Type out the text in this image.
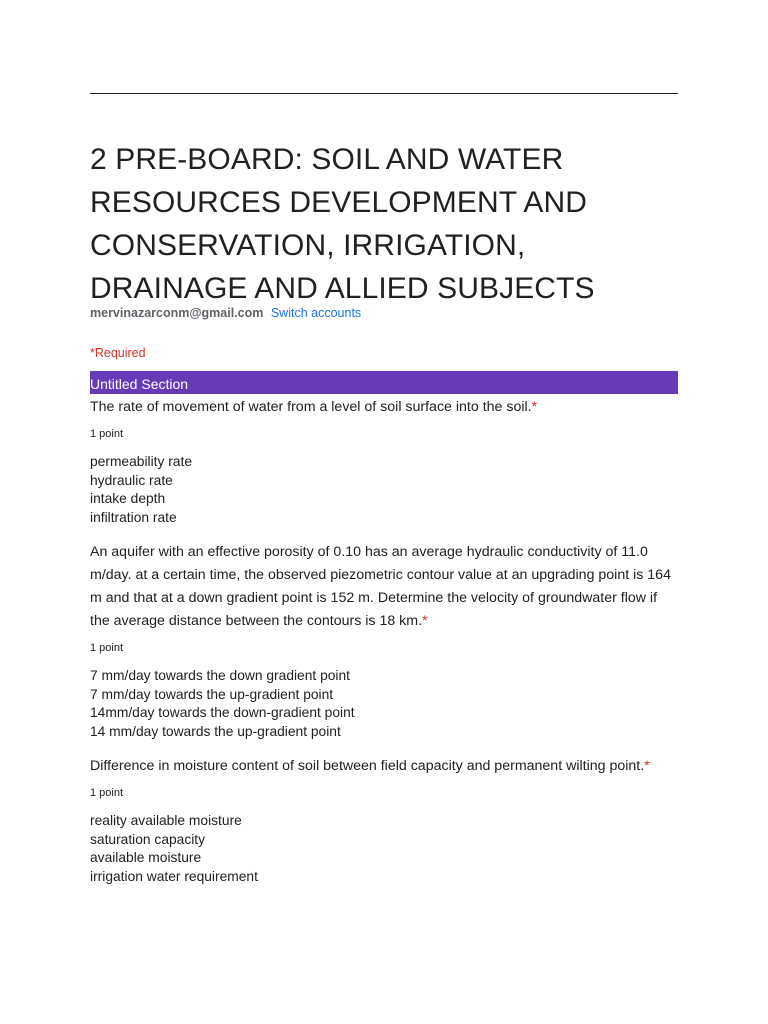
2 PRE-BOARD: SOIL AND WATER RESOURCES DEVELOPMENT AND CONSERVATION, IRRIGATION, DRAINAGE AND ALLIED SUBJECTS
mervinazarconm@gmail.com Switch accounts
*Required
Untitled Section

The rate of movement of water from a level of soil surface into the soil.*

1 point
permeability rate
hydraulic rate
intake depth
infiltration rate

An aquifer with an effective porosity of 0.10 has an average hydraulic conductivity of 11.0 m/day. at a certain time, the observed piezometric contour value at an upgrading point is 164 m and that at a down gradient point is 152 m. Determine the velocity of groundwater flow if the average distance between the contours is 18 km.*

1 point
7 mm/day towards the down gradient point
7 mm/day towards the up-gradient point
14mm/day towards the down-gradient point
14 mm/day towards the up-gradient point

Difference in moisture content of soil between field capacity and permanent wilting point.*

1 point
reality available moisture
saturation capacity
available moisture
irrigation water requirement
